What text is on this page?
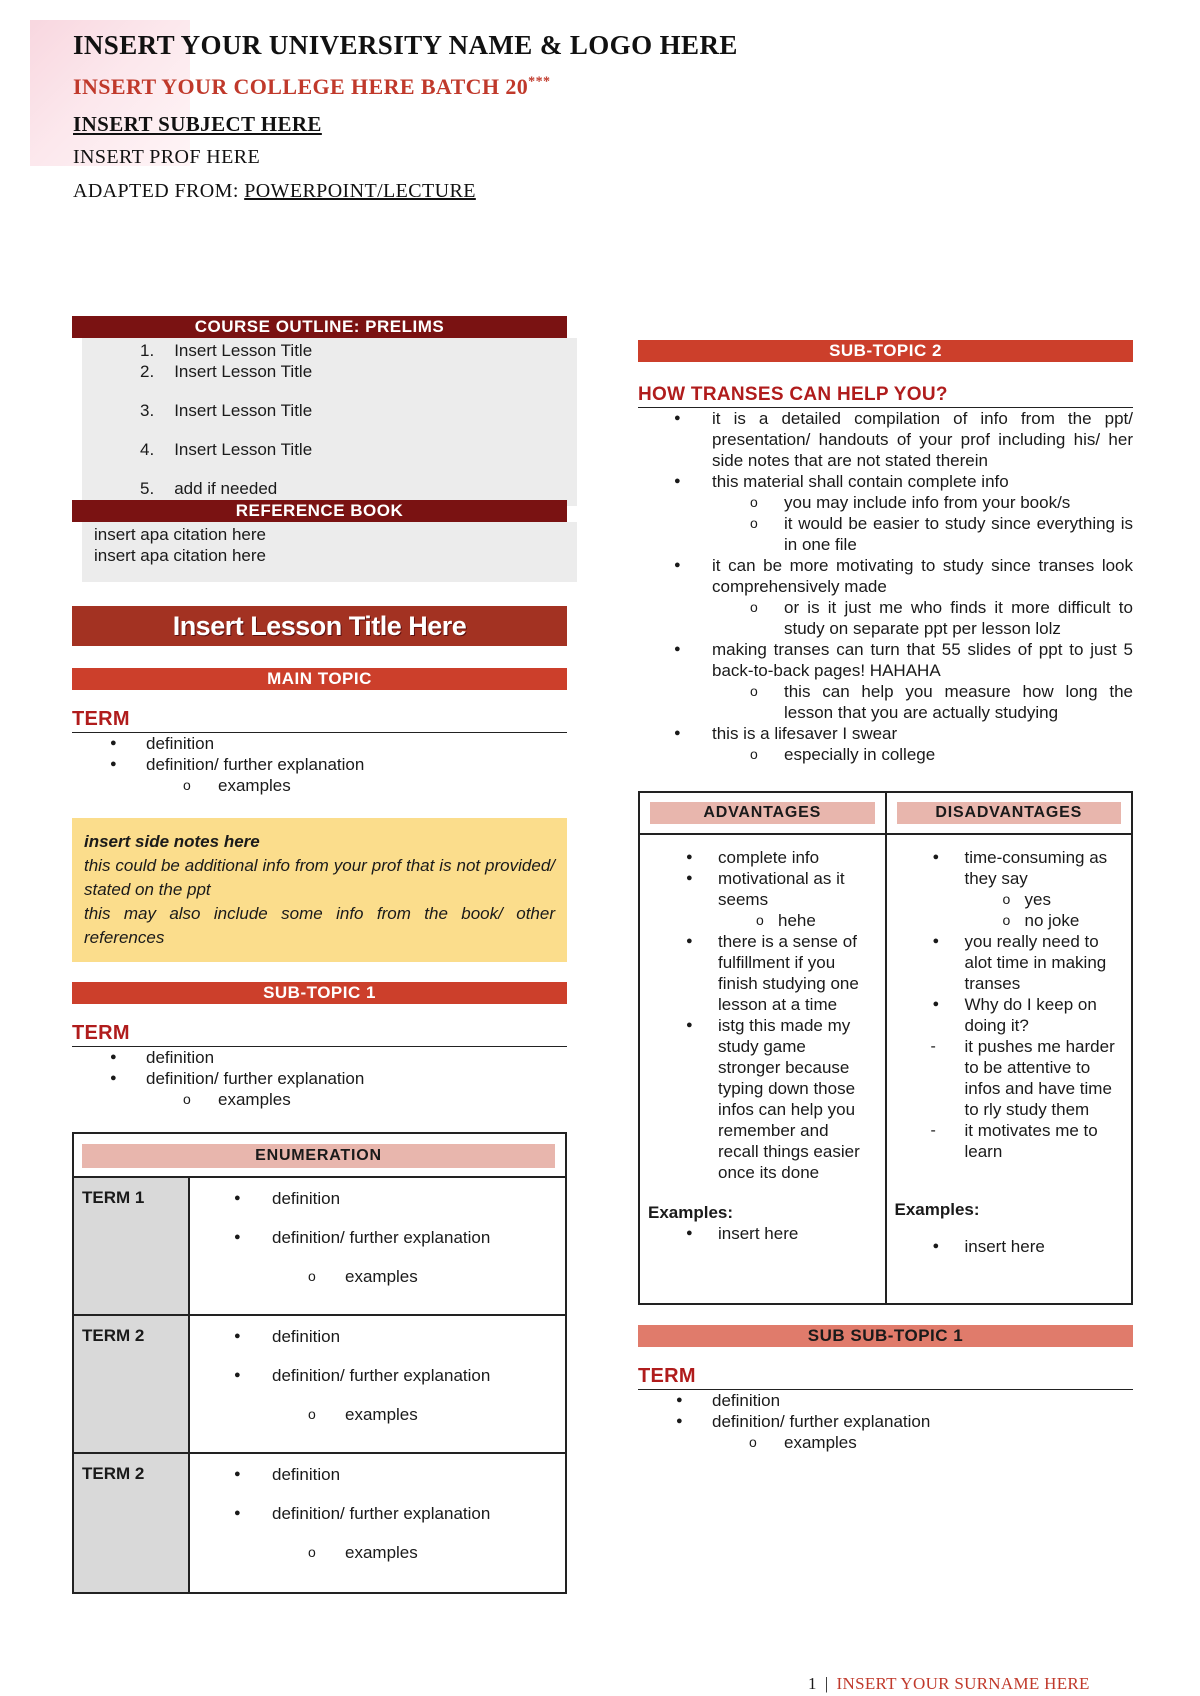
INSERT YOUR UNIVERSITY NAME & LOGO HERE
INSERT YOUR COLLEGE HERE BATCH 20***
INSERT SUBJECT HERE
INSERT PROF HERE
ADAPTED FROM: POWERPOINT/LECTURE
COURSE OUTLINE: PRELIMS
1. Insert Lesson Title
2. Insert Lesson Title
3. Insert Lesson Title
4. Insert Lesson Title
5. add if needed
REFERENCE BOOK
insert apa citation here
insert apa citation here
Insert Lesson Title Here
MAIN TOPIC
TERM
● definition
● definition/ further explanation
o examples
insert side notes here
this could be additional info from your prof that is not provided/ stated on the ppt
this may also include some info from the book/ other references
SUB-TOPIC 1
TERM
● definition
● definition/ further explanation
o examples
ENUMERATION
TERM 1	● definition
● definition/ further explanation
o examples
TERM 2	● definition
● definition/ further explanation
o examples
TERM 2	● definition
● definition/ further explanation
o examples
SUB-TOPIC 2
HOW TRANSES CAN HELP YOU?
● it is a detailed compilation of info from the ppt/ presentation/ handouts of your prof including his/ her side notes that are not stated therein
● this material shall contain complete info
o you may include info from your book/s
o it would be easier to study since everything is in one file
● it can be more motivating to study since transes look comprehensively made
o or is it just me who finds it more difficult to study on separate ppt per lesson lolz
● making transes can turn that 55 slides of ppt to just 5 back-to-back pages! HAHAHA
o this can help you measure how long the lesson that you are actually studying
● this is a lifesaver I swear
o especially in college
ADVANTAGES
● complete info
● motivational as it seems
o hehe
● there is a sense of fulfillment if you finish studying one lesson at a time
● istg this made my study game stronger because typing down those infos can help you remember and recall things easier once its done
Examples:
● insert here
DISADVANTAGES
● time-consuming as they say
o yes
o no joke
● you really need to alot time in making transes
● Why do I keep on doing it?
- it pushes me harder to be attentive to infos and have time to rly study them
- it motivates me to learn
Examples:
● insert here
SUB SUB-TOPIC 1
TERM
● definition
● definition/ further explanation
o examples
1 | INSERT YOUR SURNAME HERE
